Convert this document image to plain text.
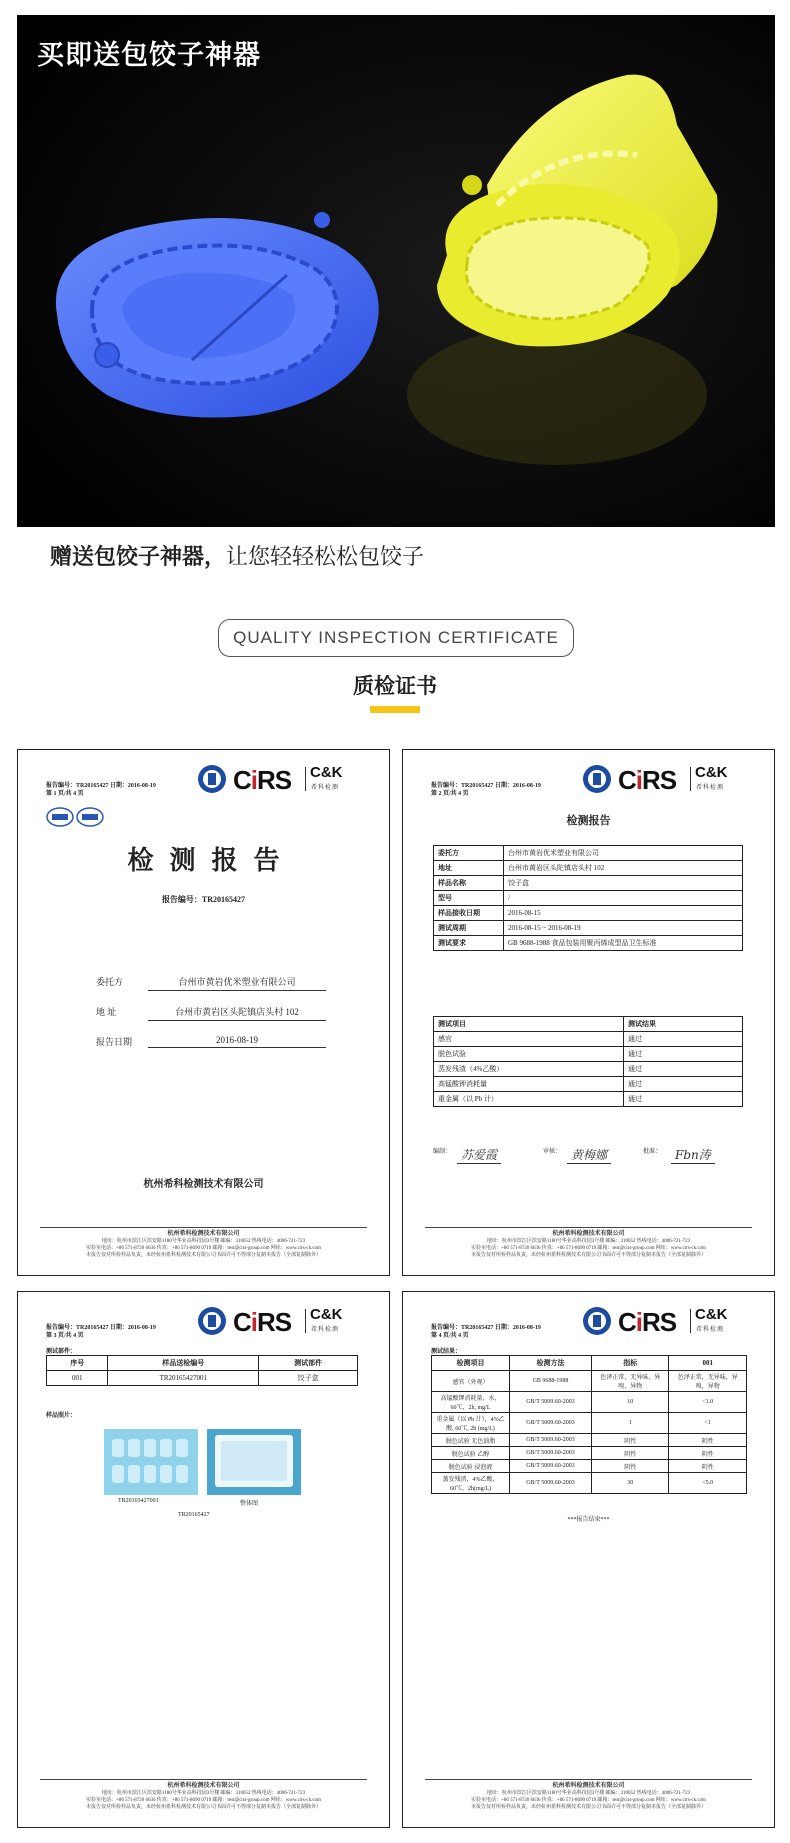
买即送包饺子神器
赠送包饺子神器，让您轻轻松松包饺子
QUALITY INSPECTION CERTIFICATE
质检证书
报告编号：TR20165427 日期：2016-08-19
第 1 页/共 4 页	CiRS C&K
希科检测
检测报告
报告编号：TR20165427
委托方	台州市黄岩优米塑业有限公司
地 址	台州市黄岩区头陀镇店头村 102
报告日期	2016-08-19
杭州希科检测技术有限公司
杭州希科检测技术有限公司
地址：杭州市滨江区滨安路1180号华业高科技园3号楼 邮编：310052 热线电话：4006-721-723
实验室电话：+86 571-8720 6636 传真：+86 571-8690 0719 邮箱：test@cirs-group.com 网址：www.cirs-ck.com
本报告仅对所检样品负责，未经杭州希科检测技术有限公司书面许可不得部分复制本报告（全部复制除外）
报告编号：TR20165427 日期：2016-08-19
第 2 页/共 4 页	CiRS C&K
希科检测
检测报告
委托方	台州市黄岩优米塑业有限公司
地址	台州市黄岩区头陀镇店头村 102
样品名称	饺子盒
型号	/
样品接收日期	2016-08-15
测试周期	2016-08-15 ~ 2016-08-19
测试要求	GB 9688-1988 食品包装用聚丙烯成型品卫生标准
测试项目	测试结果
感官	通过
脱色试验	通过
蒸发残渣（4%乙酸）	通过
高锰酸钾消耗量	通过
重金属（以 Pb 计）	通过
编制： 苏爱霞	审核： 黄梅娜	批准：	Fbn涛
杭州希科检测技术有限公司
地址：杭州市滨江区滨安路1180号华业高科技园3号楼 邮编：310052 热线电话：4006-721-723
实验室电话：+86 571-8720 6636 传真：+86 571-8690 0719 邮箱：test@cirs-group.com 网址：www.cirs-ck.com
本报告仅对所检样品负责，未经杭州希科检测技术有限公司书面许可不得部分复制本报告（全部复制除外）
报告编号：TR20165427 日期：2016-08-19
第 3 页/共 4 页	CiRS C&K
希科检测
测试部件：
序号	样品送检编号	测试部件
001	TR20165427001	饺子盒
样品照片：
TR20165427001	整体图
TR20165427
杭州希科检测技术有限公司
地址：杭州市滨江区滨安路1180号华业高科技园3号楼 邮编：310052 热线电话：4006-721-723
实验室电话：+86 571-8720 6636 传真：+86 571-8690 0719 邮箱：test@cirs-group.com 网址：www.cirs-ck.com
本报告仅对所检样品负责，未经杭州希科检测技术有限公司书面许可不得部分复制本报告（全部复制除外）
报告编号：TR20165427 日期：2016-08-19
第 4 页/共 4 页	CiRS C&K
希科检测
测试结果：
检测项目	检测方法	指标	001
感官（外观）	GB 9688-1988	色泽正常，无异味、异嗅、异物	色泽正常，无异味，异嗅，异物
高锰酸钾消耗量，水，60℃，2h, mg/L	GB/T 5009.60-2003	10	<1.0
重金属（以 Pb 计），4%乙酸, 60℃, 2h (mg/L)	GB/T 5009.60-2003	1	<1
脱色试验 无色油脂	GB/T 5009.60-2003	阴性	阴性
脱色试验 乙醇	GB/T 5009.60-2003	阴性	阴性
脱色试验 浸泡液	GB/T 5009.60-2003	阴性	阴性
蒸发残渣，4%乙酸，60℃，2h(mg/L)	GB/T 5009.60-2003	30	<5.0
***报告结束***
杭州希科检测技术有限公司
地址：杭州市滨江区滨安路1180号华业高科技园3号楼 邮编：310052 热线电话：4006-721-723
实验室电话：+86 571-8720 6636 传真：+86 571-8690 0719 邮箱：test@cirs-group.com 网址：www.cirs-ck.com
本报告仅对所检样品负责，未经杭州希科检测技术有限公司书面许可不得部分复制本报告（全部复制除外）
